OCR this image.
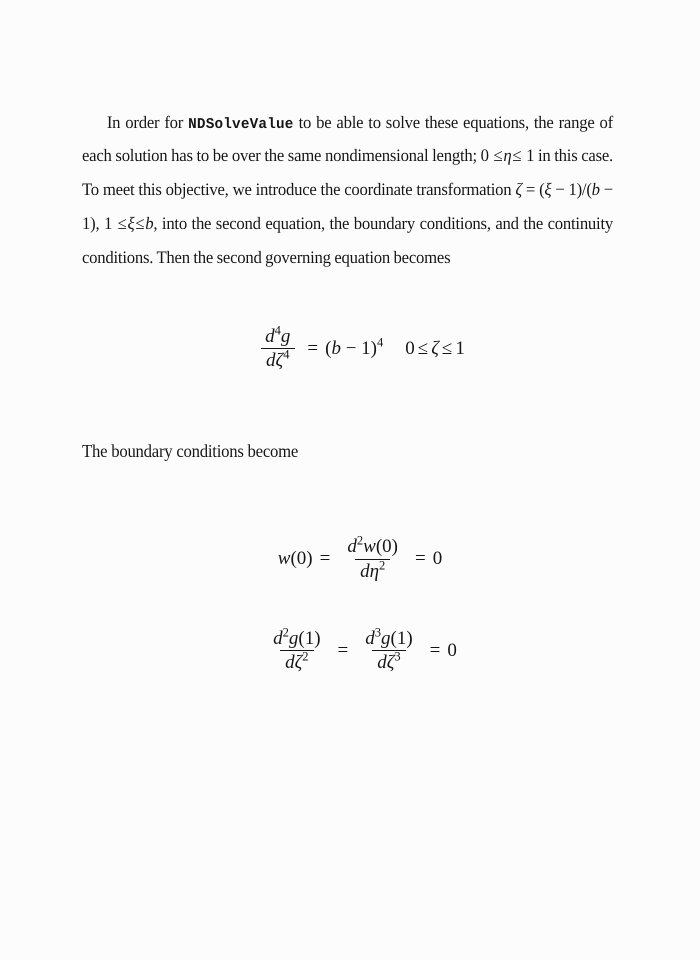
In order for NDSolveValue to be able to solve these equations, the range of each solution has to be over the same nondimensional length; 0 ≤η≤ 1 in this case. To meet this objective, we introduce the coordinate transformation ζ = (ξ − 1)/(b − 1), 1 ≤ξ≤b, into the second equation, the boundary conditions, and the continuity conditions. Then the second governing equation becomes

$\frac{d^4g}{d\zeta^4} = (b - 1)^4$ 0 ≤ ζ ≤ 1

The boundary conditions become

$w(0) = \frac{d^2w(0)}{d\eta^2} = 0$
$\frac{d^2g(1)}{d\zeta^2} = \frac{d^3g(1)}{d\zeta^3} = 0$
